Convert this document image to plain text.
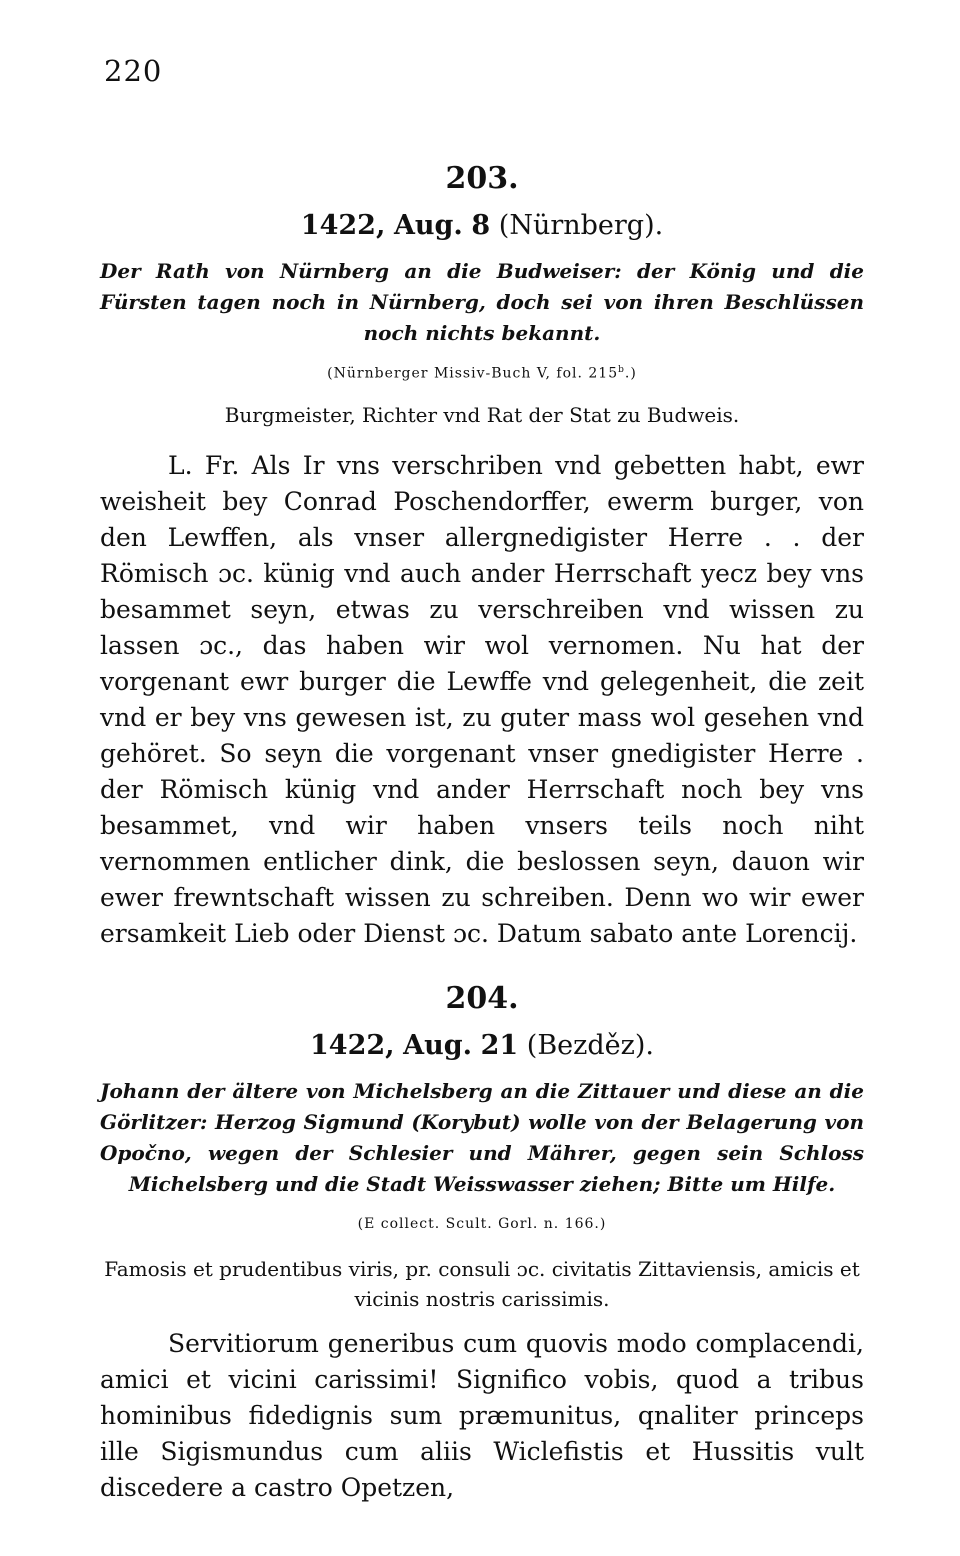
220
203.
1422, Aug. 8 (Nürnberg).

Der Rath von Nürnberg an die Budweiser: der König und die Fürsten tagen noch in Nürnberg, doch sei von ihren Beschlüssen noch nichts bekannt.

(Nürnberger Missiv-Buch V, fol. 215$^b$.)

Burgmeister, Richter vnd Rat der Stat zu Budweis.

L. Fr. Als Ir vns verschriben vnd gebetten habt, ewr weisheit bey Conrad Poschendorffer, ewerm burger, von den Lewffen, als vnser allergnedigister Herre . . der Römisch ɔc. künig vnd auch ander Herrschaft yecz bey vns besammet seyn, etwas zu verschreiben vnd wissen zu lassen ɔc., das haben wir wol vernomen. Nu hat der vorgenant ewr burger die Lewffe vnd gelegenheit, die zeit vnd er bey vns gewesen ist, zu guter mass wol gesehen vnd gehöret. So seyn die vorgenant vnser gnedigister Herre . der Römisch künig vnd ander Herrschaft noch bey vns besammet, vnd wir haben vnsers teils noch niht vernommen entlicher dink, die beslossen seyn, dauon wir ewer frewntschaft wissen zu schreiben. Denn wo wir ewer ersamkeit Lieb oder Dienst ɔc. Datum sabato ante Lorencij.

204.
1422, Aug. 21 (Bezděz).

Johann der ältere von Michelsberg an die Zittauer und diese an die Görlitzer: Herzog Sigmund (Korybut) wolle von der Belagerung von Opočno, wegen der Schlesier und Mährer, gegen sein Schloss Michelsberg und die Stadt Weisswasser ziehen; Bitte um Hilfe.

(E collect. Scult. Gorl. n. 166.)

Famosis et prudentibus viris, pr. consuli ɔc. civitatis Zittaviensis, amicis et vicinis nostris carissimis.

Servitiorum generibus cum quovis modo complacendi, amici et vicini carissimi! Significo vobis, quod a tribus hominibus fidedignis sum præmunitus, qnaliter princeps ille Sigismundus cum aliis Wiclefistis et Hussitis vult discedere a castro Opetzen,
